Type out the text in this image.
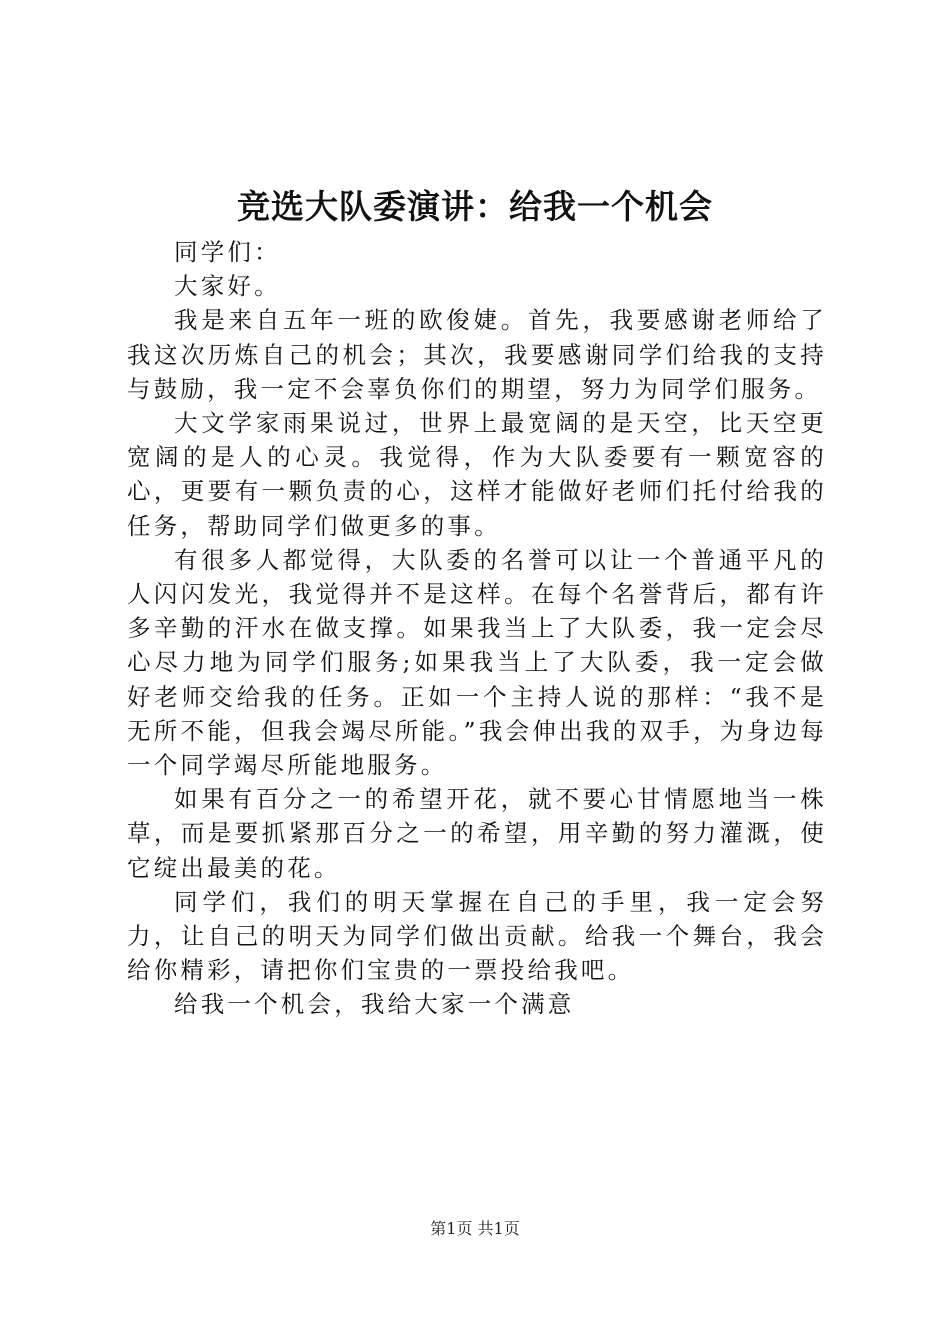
竞选大队委演讲：给我一个机会

同学们：

大家好。

我是来自五年一班的欧俊婕。首先，我要感谢老师给了我这次历炼自己的机会；其次，我要感谢同学们给我的支持与鼓励，我一定不会辜负你们的期望，努力为同学们服务。

大文学家雨果说过，世界上最宽阔的是天空，比天空更宽阔的是人的心灵。我觉得，作为大队委要有一颗宽容的心，更要有一颗负责的心，这样才能做好老师们托付给我的任务，帮助同学们做更多的事。

有很多人都觉得，大队委的名誉可以让一个普通平凡的人闪闪发光，我觉得并不是这样。在每个名誉背后，都有许多辛勤的汗水在做支撑。如果我当上了大队委，我一定会尽心尽力地为同学们服务;如果我当上了大队委，我一定会做好老师交给我的任务。正如一个主持人说的那样：“我不是无所不能，但我会竭尽所能。”我会伸出我的双手，为身边每一个同学竭尽所能地服务。

如果有百分之一的希望开花，就不要心甘情愿地当一株草，而是要抓紧那百分之一的希望，用辛勤的努力灌溉，使它绽出最美的花。

同学们，我们的明天掌握在自己的手里，我一定会努力，让自己的明天为同学们做出贡献。给我一个舞台，我会给你精彩，请把你们宝贵的一票投给我吧。

给我一个机会，我给大家一个满意

第1页 共1页
